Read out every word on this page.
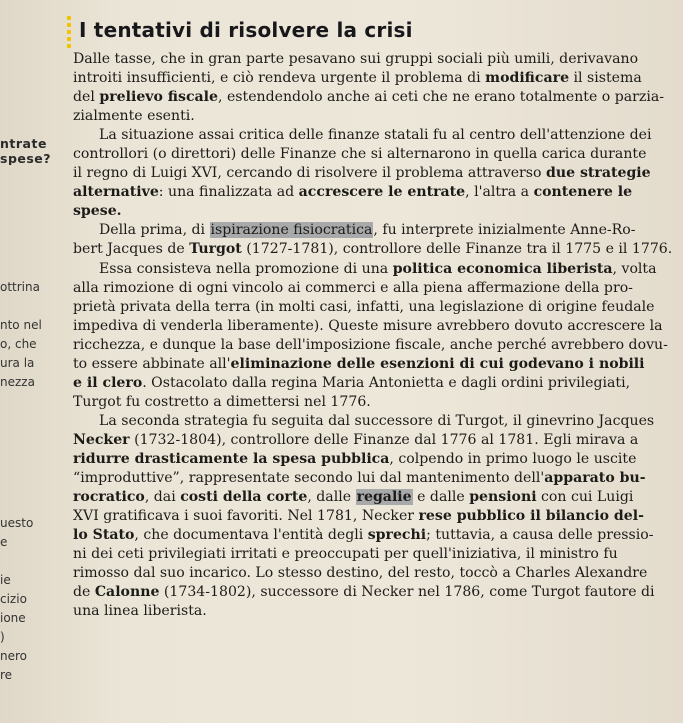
I tentativi di risolvere la crisi
ntrate
spese?
ottrina
nto nel
o, che
ura la
nezza
uesto
e
ie
cizio
ione
)
nero
re
Dalle tasse, che in gran parte pesavano sui gruppi sociali più umili, derivavano
introiti insufficienti, e ciò rendeva urgente il problema di modificare il sistema
del prelievo fiscale, estendendolo anche ai ceti che ne erano totalmente o parzia-
zialmente esenti.
La situazione assai critica delle finanze statali fu al centro dell'attenzione dei
controllori (o direttori) delle Finanze che si alternarono in quella carica durante
il regno di Luigi XVI, cercando di risolvere il problema attraverso due strategie
alternative: una finalizzata ad accrescere le entrate, l'altra a contenere le
spese.
Della prima, di ispirazione fisiocratica, fu interprete inizialmente Anne-Ro-
bert Jacques de Turgot (1727-1781), controllore delle Finanze tra il 1775 e il 1776.
Essa consisteva nella promozione di una politica economica liberista, volta
alla rimozione di ogni vincolo ai commerci e alla piena affermazione della pro-
prietà privata della terra (in molti casi, infatti, una legislazione di origine feudale
impediva di venderla liberamente). Queste misure avrebbero dovuto accrescere la
ricchezza, e dunque la base dell'imposizione fiscale, anche perché avrebbero dovu-
to essere abbinate all'eliminazione delle esenzioni di cui godevano i nobili
e il clero. Ostacolato dalla regina Maria Antonietta e dagli ordini privilegiati,
Turgot fu costretto a dimettersi nel 1776.
La seconda strategia fu seguita dal successore di Turgot, il ginevrino Jacques
Necker (1732-1804), controllore delle Finanze dal 1776 al 1781. Egli mirava a
ridurre drasticamente la spesa pubblica, colpendo in primo luogo le uscite
“improduttive”, rappresentate secondo lui dal mantenimento dell'apparato bu-
rocratico, dai costi della corte, dalle regalie e dalle pensioni con cui Luigi
XVI gratificava i suoi favoriti. Nel 1781, Necker rese pubblico il bilancio del-
lo Stato, che documentava l'entità degli sprechi; tuttavia, a causa delle pressio-
ni dei ceti privilegiati irritati e preoccupati per quell'iniziativa, il ministro fu
rimosso dal suo incarico. Lo stesso destino, del resto, toccò a Charles Alexandre
de Calonne (1734-1802), successore di Necker nel 1786, come Turgot fautore di
una linea liberista.
